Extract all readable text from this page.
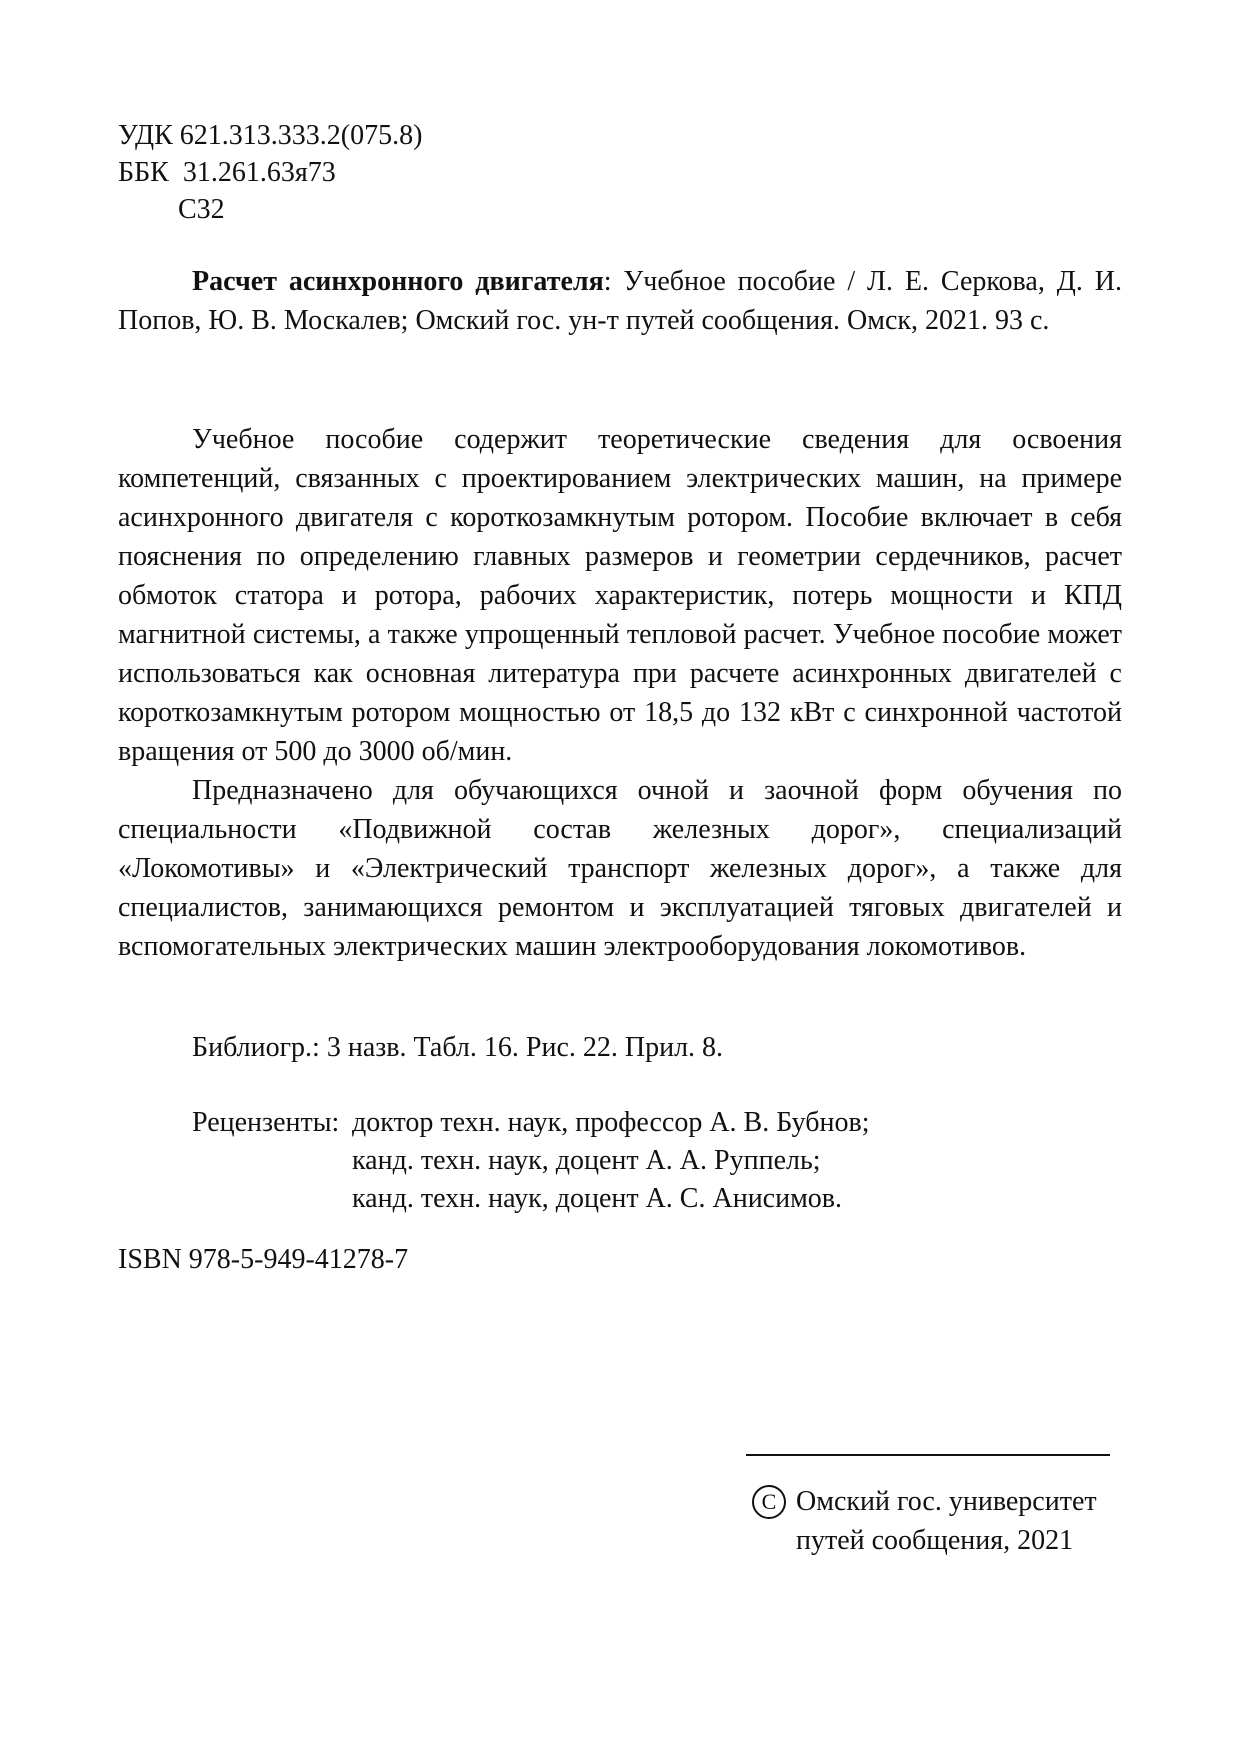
УДК 621.313.333.2(075.8)
ББК  31.261.63я73
С32

Расчет асинхронного двигателя: Учебное пособие / Л. Е. Серкова, Д. И. Попов, Ю. В. Москалев; Омский гос. ун-т путей сообщения. Омск, 2021. 93 с.

Учебное пособие содержит теоретические сведения для освоения компетенций, связанных с проектированием электрических машин, на примере асинхронного двигателя с короткозамкнутым ротором. Пособие включает в себя пояснения по определению главных размеров и геометрии сердечников, расчет обмоток статора и ротора, рабочих характеристик, потерь мощности и КПД магнитной системы, а также упрощенный тепловой расчет. Учебное пособие может использоваться как основная литература при расчете асинхронных двигателей с короткозамкнутым ротором мощностью от 18,5 до 132 кВт с синхронной частотой вращения от 500 до 3000 об/мин.

Предназначено для обучающихся очной и заочной форм обучения по специальности «Подвижной состав железных дорог», специализаций «Локомотивы» и «Электрический транспорт железных дорог», а также для специалистов, занимающихся ремонтом и эксплуатацией тяговых двигателей и вспомогательных электрических машин электрооборудования локомотивов.

Библиогр.: 3 назв. Табл. 16. Рис. 22. Прил. 8.
Рецензенты: доктор техн. наук, профессор А. В. Бубнов;
канд. техн. наук, доцент А. А. Руппель;
канд. техн. наук, доцент А. С. Анисимов.
ISBN 978-5-949-41278-7
C Омский гос. университет
путей сообщения, 2021
